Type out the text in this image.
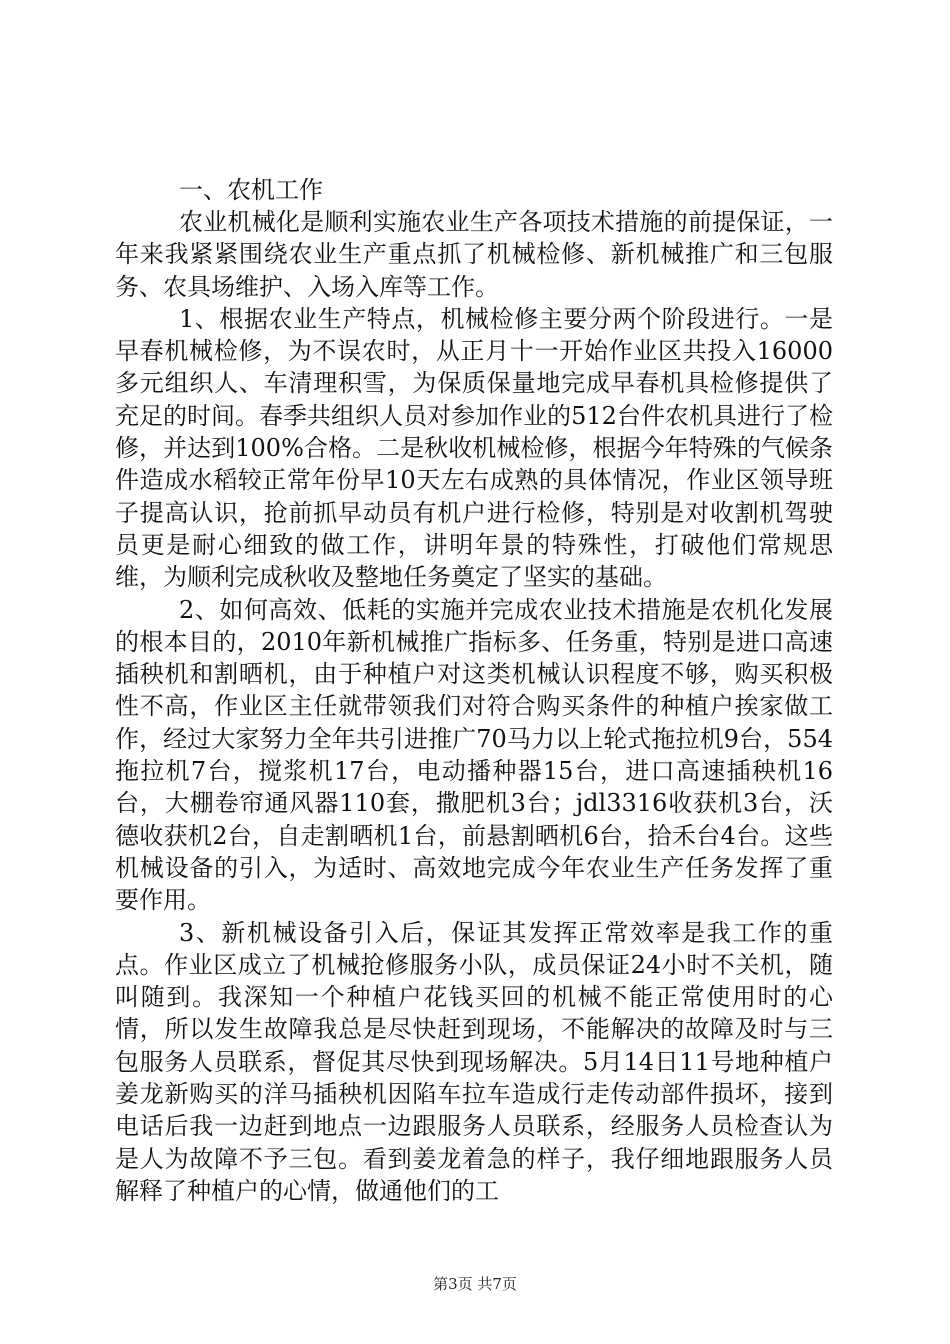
一、农机工作

农业机械化是顺利实施农业生产各项技术措施的前提保证，一年来我紧紧围绕农业生产重点抓了机械检修、新机械推广和三包服务、农具场维护、入场入库等工作。

1、根据农业生产特点，机械检修主要分两个阶段进行。一是早春机械检修，为不误农时，从正月十一开始作业区共投入16000多元组织人、车清理积雪，为保质保量地完成早春机具检修提供了充足的时间。春季共组织人员对参加作业的512台件农机具进行了检修，并达到100%合格。二是秋收机械检修，根据今年特殊的气候条件造成水稻较正常年份早10天左右成熟的具体情况，作业区领导班子提高认识，抢前抓早动员有机户进行检修，特别是对收割机驾驶员更是耐心细致的做工作，讲明年景的特殊性，打破他们常规思维，为顺利完成秋收及整地任务奠定了坚实的基础。

2、如何高效、低耗的实施并完成农业技术措施是农机化发展的根本目的，2010年新机械推广指标多、任务重，特别是进口高速插秧机和割晒机，由于种植户对这类机械认识程度不够，购买积极性不高，作业区主任就带领我们对符合购买条件的种植户挨家做工作，经过大家努力全年共引进推广70马力以上轮式拖拉机9台，554拖拉机7台，搅浆机17台，电动播种器15台，进口高速插秧机16台，大棚卷帘通风器110套，撒肥机3台；jdl3316收获机3台，沃德收获机2台，自走割晒机1台，前悬割晒机6台，拾禾台4台。这些机械设备的引入，为适时、高效地完成今年农业生产任务发挥了重要作用。

3、新机械设备引入后，保证其发挥正常效率是我工作的重点。作业区成立了机械抢修服务小队，成员保证24小时不关机，随叫随到。我深知一个种植户花钱买回的机械不能正常使用时的心情，所以发生故障我总是尽快赶到现场，不能解决的故障及时与三包服务人员联系，督促其尽快到现场解决。5月14日11号地种植户姜龙新购买的洋马插秧机因陷车拉车造成行走传动部件损坏，接到电话后我一边赶到地点一边跟服务人员联系，经服务人员检查认为是人为故障不予三包。看到姜龙着急的样子，我仔细地跟服务人员解释了种植户的心情，做通他们的工

第3页 共7页
